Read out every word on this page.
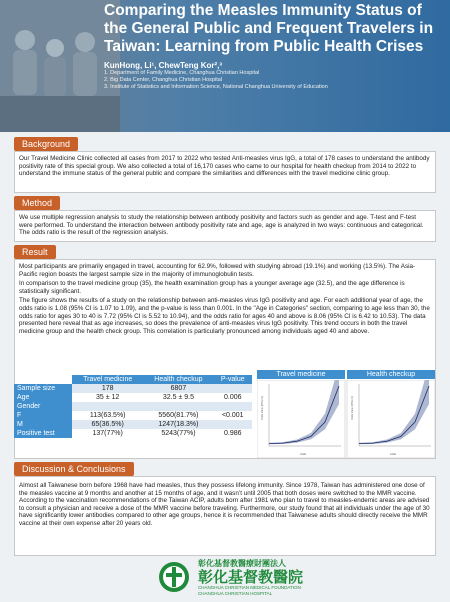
Comparing the Measles Immunity Status of the General Public and Frequent Travelers in Taiwan: Learning from Public Health Crises
KunHong, Li¹, ChewTeng Kor²,³
1. Department of Family Medicine, Changhua Christian Hospital
2. Big Data Center, Changhua Christian Hospital
3. Institute of Statistics and Information Science, National Changhua University of Education
Background

Our Travel Medicine Clinic collected all cases from 2017 to 2022 who tested Anti-measles virus IgG, a total of 178 cases to understand the antibody positivity rate of this special group. We also collected a total of 16,170 cases who came to our hospital for health checkup from 2014 to 2022 to understand the immune status of the general public and compare the similarities and differences with the travel medicine clinic group.

Method

We use multiple regression analysis to study the relationship between antibody positivity and factors such as gender and age. T-test and F-test were performed. To understand the interaction between antibody positivity rate and age, age is analyzed in two ways: continuous and categorical. The odds ratio is the result of the regression analysis.

Result

Most participants are primarily engaged in travel, accounting for 62.9%, followed with studying abroad (19.1%) and working (13.5%). The Asia-Pacific region boasts the largest sample size in the majority of immunoglobulin tests.

In comparison to the travel medicine group (35), the health examination group has a younger average age (32.5), and the age difference is statistically significant.

The figure shows the results of a study on the relationship between anti-measles virus IgG positivity and age. For each additional year of age, the odds ratio is 1.08 (95% CI is 1.07 to 1.09), and the p-value is less than 0.001. In the "Age in Categories" section, comparing to age less than 30, the odds ratio for ages 30 to 40 is 7.72 (95% CI is 5.52 to 10.94), and the odds ratio for ages 40 and above is 8.06 (95% CI is 6.42 to 10.53). The data presented here reveal that as age increases, so does the prevalence of anti-measles virus IgG positivity. This trend occurs in both the travel medicine group and the health check group. This correlation is particularly pronounced among individuals aged 40 and above.

	Travel medicine	Health checkup	P-value
Sample size	178	6807	
Age	35 ± 12	32.5 ± 9.5	0.006
Gender			
F	113(63.5%)	5560(81.7%)	<0.001
M	65(36.5%)	1247(18.3%)	
Positive test	137(77%)	5243(77%)	0.986
Travel medicine	Health checkup
Odds Ratio (95% CI)	Odds Ratio (95% CI)
AGE	AGE
Discussion & Conclusions

Almost all Taiwanese born before 1968 have had measles, thus they possess lifelong immunity. Since 1978, Taiwan has administered one dose of the measles vaccine at 9 months and another at 15 months of age, and it wasn’t until 2005 that both doses were switched to the MMR vaccine. According to the vaccination recommendations of the Taiwan ACIP, adults born after 1981 who plan to travel to measles-endemic areas are advised to consult a physician and receive a dose of the MMR vaccine before traveling. Furthermore, our study found that all individuals under the age of 30 have significantly lower antibodies compared to other age groups, hence it is recommended that Taiwanese adults should directly receive the MMR vaccine at their own expense after 20 years old.

彰化基督教醫療財團法人
彰化基督教醫院
CHANGHUA CHRISTIAN MEDICAL FOUNDATION
CHANGHUA CHRISTIAN HOSPITAL
